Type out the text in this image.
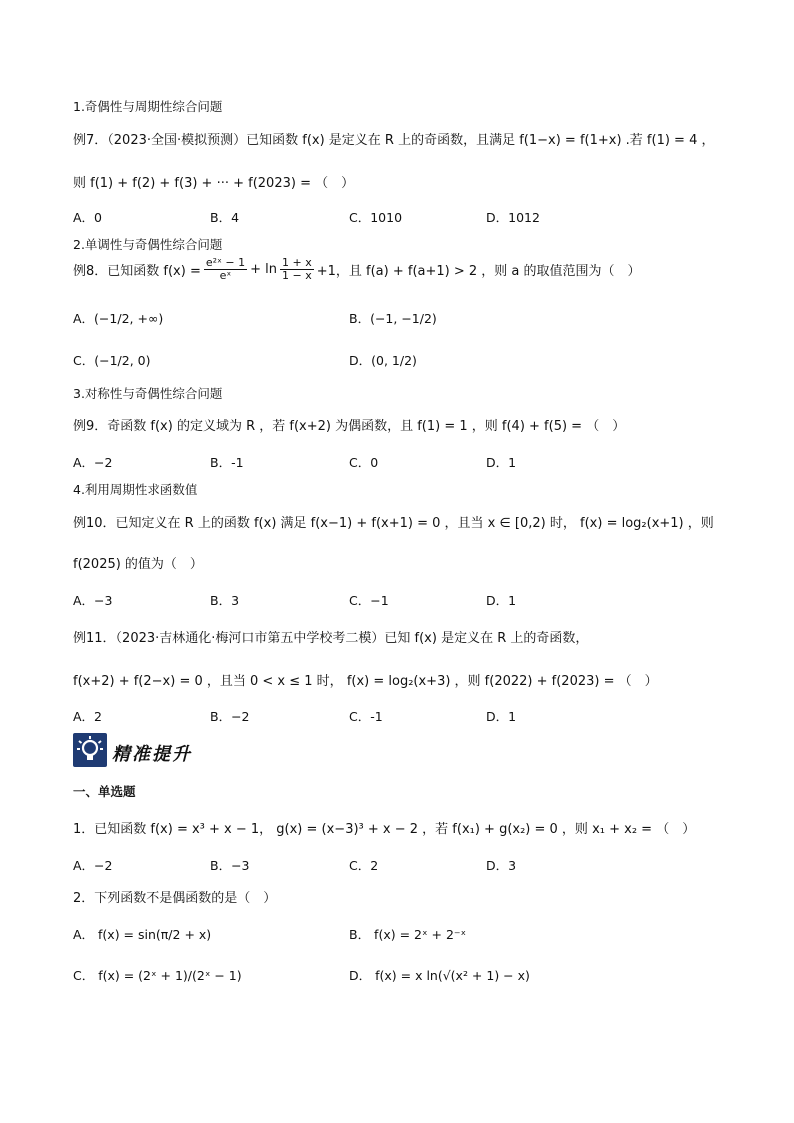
1.奇偶性与周期性综合问题
例7．（2023·全国·模拟预测）已知函数 f(x) 是定义在 R 上的奇函数，且满足 f(1−x) = f(1+x) .若 f(1) = 4 ，
则 f(1) + f(2) + f(3) + ··· + f(2023) = （　）
A．0	B．4	C．1010	D．1012
2.单调性与奇偶性综合问题
例8．已知函数 $f(x) = \frac{\text{e²ˣ − 1}}{\text{eˣ}} + \ln \frac{1 + x}{1 - x} +1$，且 f(a) + f(a+1) > 2 ，则 a 的取值范围为（　）
A．(−1/2, +∞)	B．(−1, −1/2)
C．(−1/2, 0)	D．(0, 1/2)
3.对称性与奇偶性综合问题
例9．奇函数 f(x) 的定义域为 R ，若 f(x+2) 为偶函数，且 f(1) = 1 ，则 f(4) + f(5) = （　）
A．−2	B．-1	C．0	D．1
4.利用周期性求函数值
例10．已知定义在 R 上的函数 f(x) 满足 f(x−1) + f(x+1) = 0 ，且当 x ∈ [0,2) 时， f(x) = log₂(x+1) ，则
f(2025) 的值为（　）
A．−3	B．3	C．−1	D．1
例11．（2023·吉林通化·梅河口市第五中学校考二模）已知 f(x) 是定义在 R 上的奇函数，
f(x+2) + f(2−x) = 0 ，且当 0 < x ≤ 1 时， f(x) = log₂(x+3) ，则 f(2022) + f(2023) = （　）
A．2	B．−2	C．-1	D．1
精准提升
一、单选题
1．已知函数 f(x) = x³ + x − 1， g(x) = (x−3)³ + x − 2 ，若 f(x₁) + g(x₂) = 0 ，则 x₁ + x₂ = （　）
A．−2	B．−3	C．2	D．3
2．下列函数不是偶函数的是（　）
A． f(x) = sin(π/2 + x)	B． f(x) = 2ˣ + 2⁻ˣ
C． f(x) = (2ˣ + 1)/(2ˣ − 1)	D． f(x) = x ln(√(x² + 1) − x)
